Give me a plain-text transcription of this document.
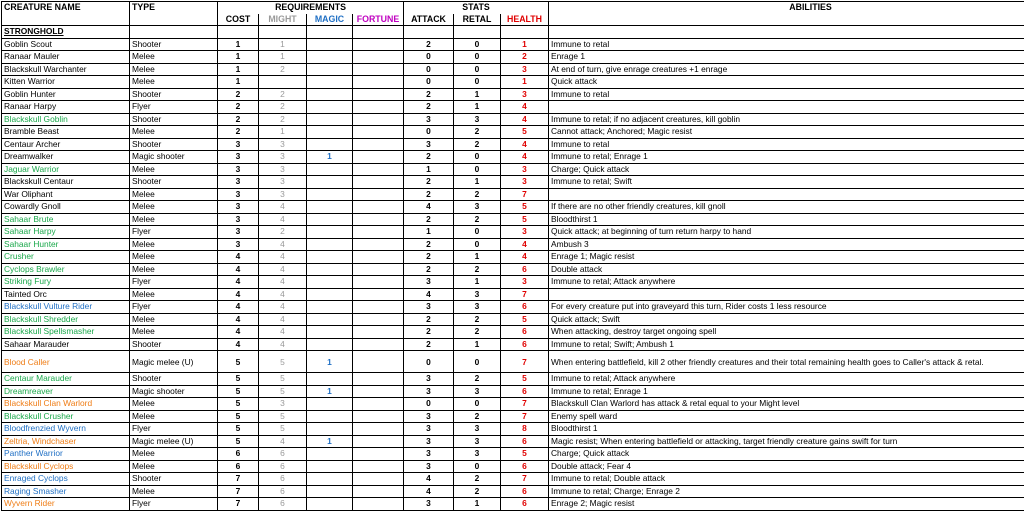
CREATURE NAME	TYPE	REQUIREMENTS				STATS			ABILITIES
		COST	MIGHT	MAGIC	FORTUNE	ATTACK	RETAL	HEALTH	
STRONGHOLD									
Goblin Scout	Shooter	1	1			2	0	1	Immune to retal
Ranaar Mauler	Melee	1	1			0	0	2	Enrage 1
Blackskull Warchanter	Melee	1	2			0	0	3	At end of turn, give enrage creatures +1 enrage
Kitten Warrior	Melee	1				0	0	1	Quick attack
Goblin Hunter	Shooter	2	2			2	1	3	Immune to retal
Ranaar Harpy	Flyer	2	2			2	1	4	
Blackskull Goblin	Shooter	2	2			3	3	4	Immune to retal; if no adjacent creatures, kill goblin
Bramble Beast	Melee	2	1			0	2	5	Cannot attack; Anchored; Magic resist
Centaur Archer	Shooter	3	3			3	2	4	Immune to retal
Dreamwalker	Magic shooter	3	3	1		2	0	4	Immune to retal; Enrage 1
Jaguar Warrior	Melee	3	3			1	0	3	Charge; Quick attack
Blackskull Centaur	Shooter	3	3			2	1	3	Immune to retal; Swift
War Oliphant	Melee	3	3			2	2	7	
Cowardly Gnoll	Melee	3	4			4	3	5	If there are no other friendly creatures, kill gnoll
Sahaar Brute	Melee	3	4			2	2	5	Bloodthirst 1
Sahaar Harpy	Flyer	3	2			1	0	3	Quick attack; at beginning of turn return harpy to hand
Sahaar Hunter	Melee	3	4			2	0	4	Ambush 3
Crusher	Melee	4	4			2	1	4	Enrage 1; Magic resist
Cyclops Brawler	Melee	4	4			2	2	6	Double attack
Striking Fury	Flyer	4	4			3	1	3	Immune to retal; Attack anywhere
Tainted Orc	Melee	4	4			4	3	7	
Blackskull Vulture Rider	Flyer	4	4			3	3	6	For every creature put into graveyard this turn, Rider costs 1 less resource
Blackskull Shredder	Melee	4	4			2	2	5	Quick attack; Swift
Blackskull Spellsmasher	Melee	4	4			2	2	6	When attacking, destroy target ongoing spell
Sahaar Marauder	Shooter	4	4			2	1	6	Immune to retal; Swift; Ambush 1
Blood Caller	Magic melee (U)	5	5	1		0	0	7	When entering battlefield, kill 2 other friendly creatures and their total remaining health goes to Caller's attack & retal.
Centaur Marauder	Shooter	5	5			3	2	5	Immune to retal; Attack anywhere
Dreamreaver	Magic shooter	5	5	1		3	3	6	Immune to retal; Enrage 1
Blackskull Clan Warlord	Melee	5	3			0	0	7	Blackskull Clan Warlord has attack & retal equal to your Might level
Blackskull Crusher	Melee	5	5			3	2	7	Enemy spell ward
Bloodfrenzied Wyvern	Flyer	5	5			3	3	8	Bloodthirst 1
Zeltria, Windchaser	Magic melee (U)	5	4	1		3	3	6	Magic resist; When entering battlefield or attacking, target friendly creature gains swift for turn
Panther Warrior	Melee	6	6			3	3	5	Charge; Quick attack
Blackskull Cyclops	Melee	6	6			3	0	6	Double attack; Fear 4
Enraged Cyclops	Shooter	7	6			4	2	7	Immune to retal; Double attack
Raging Smasher	Melee	7	6			4	2	6	Immune to retal; Charge; Enrage 2
Wyvern Rider	Flyer	7	6			3	1	6	Enrage 2; Magic resist
